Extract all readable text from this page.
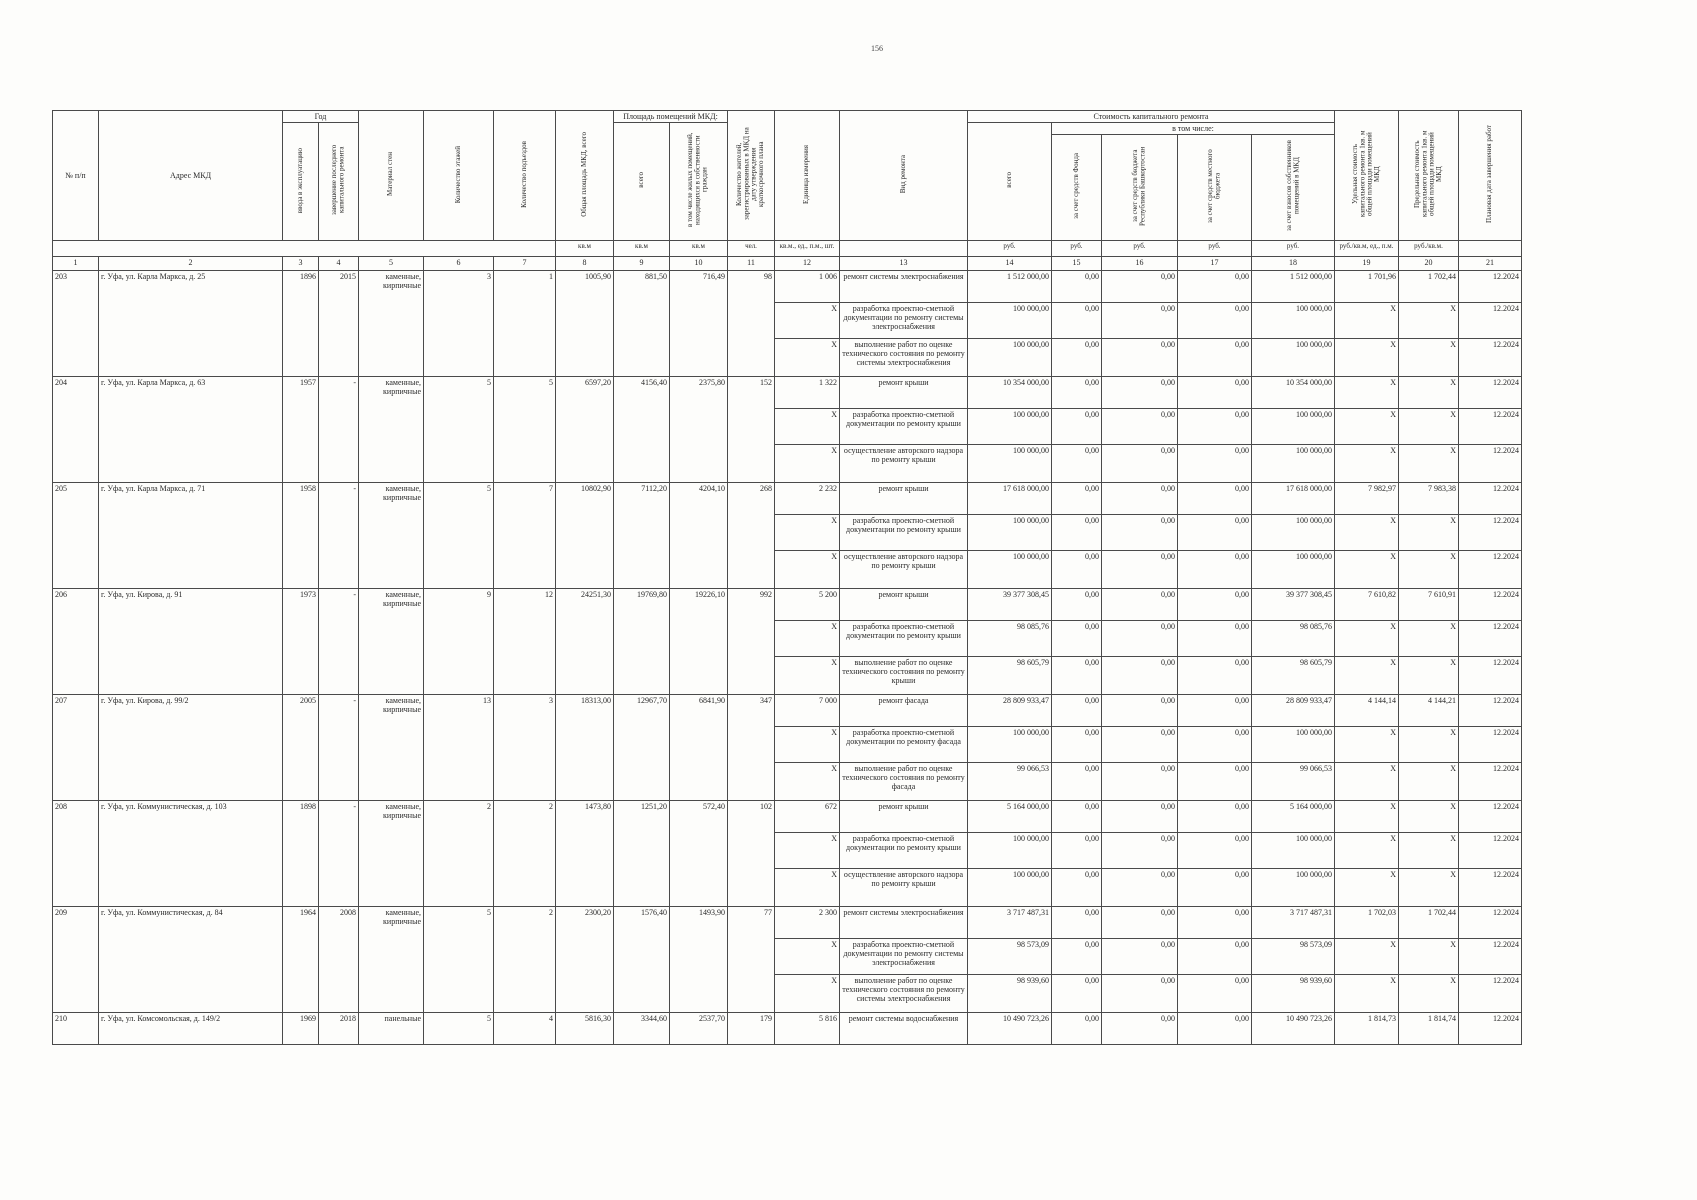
156
№ п/п	Адрес МКД	Год		Материал стен	Количество этажей	Количество подъездов	Общая площадь МКД, всего	Площадь помещений МКД:		Количество жителей, зарегистрированных в МКД на дату утверждения краткосрочного плана	Единица измерения	Вид ремонта	Стоимость капитального ремонта					Удельная стоимость капитального ремонта 1кв. м общей площади помещений МКД	Предельная стоимость капитального ремонта 1кв. м общей площади помещений МКД	Плановая дата завершения работ
		ввода в эксплуатацию	завершение последнего капитального ремонта					всего	в том числе жилых помещений, находящихся в собственности граждан				всего	в том числе:						
														за счет средств Фонда	за счет средств бюджета Республики Башкортостан	за счет средств местного бюджета	за счет взносов собственников помещений в МКД			
							кв.м	кв.м	кв.м	чел.	кв.м., ед., п.м., шт.		руб.	руб.	руб.	руб.	руб.	руб./кв.м, ед., п.м.	руб./кв.м.	
1	2	3	4	5	6	7	8	9	10	11	12	13	14	15	16	17	18	19	20	21
203	г. Уфа, ул. Карла Маркса, д. 25	1896	2015	каменные, кирпичные	3	1	1005,90	881,50	716,49	98	1 006	ремонт системы электроснабжения	1 512 000,00	0,00	0,00	0,00	1 512 000,00	1 701,96	1 702,44	12.2024
											X	разработка проектно-сметной документации по ремонту системы электроснабжения	100 000,00	0,00	0,00	0,00	100 000,00	X	X	12.2024
											X	выполнение работ по оценке технического состояния по ремонту системы электроснабжения	100 000,00	0,00	0,00	0,00	100 000,00	X	X	12.2024
204	г. Уфа, ул. Карла Маркса, д. 63	1957	-	каменные, кирпичные	5	5	6597,20	4156,40	2375,80	152	1 322	ремонт крыши	10 354 000,00	0,00	0,00	0,00	10 354 000,00	X	X	12.2024
											X	разработка проектно-сметной документации по ремонту крыши	100 000,00	0,00	0,00	0,00	100 000,00	X	X	12.2024
											X	осуществление авторского надзора по ремонту крыши	100 000,00	0,00	0,00	0,00	100 000,00	X	X	12.2024
205	г. Уфа, ул. Карла Маркса, д. 71	1958	-	каменные, кирпичные	5	7	10802,90	7112,20	4204,10	268	2 232	ремонт крыши	17 618 000,00	0,00	0,00	0,00	17 618 000,00	7 982,97	7 983,38	12.2024
											X	разработка проектно-сметной документации по ремонту крыши	100 000,00	0,00	0,00	0,00	100 000,00	X	X	12.2024
											X	осуществление авторского надзора по ремонту крыши	100 000,00	0,00	0,00	0,00	100 000,00	X	X	12.2024
206	г. Уфа, ул. Кирова, д. 91	1973	-	каменные, кирпичные	9	12	24251,30	19769,80	19226,10	992	5 200	ремонт крыши	39 377 308,45	0,00	0,00	0,00	39 377 308,45	7 610,82	7 610,91	12.2024
											X	разработка проектно-сметной документации по ремонту крыши	98 085,76	0,00	0,00	0,00	98 085,76	X	X	12.2024
											X	выполнение работ по оценке технического состояния по ремонту крыши	98 605,79	0,00	0,00	0,00	98 605,79	X	X	12.2024
207	г. Уфа, ул. Кирова, д. 99/2	2005	-	каменные, кирпичные	13	3	18313,00	12967,70	6841,90	347	7 000	ремонт фасада	28 809 933,47	0,00	0,00	0,00	28 809 933,47	4 144,14	4 144,21	12.2024
											X	разработка проектно-сметной документации по ремонту фасада	100 000,00	0,00	0,00	0,00	100 000,00	X	X	12.2024
											X	выполнение работ по оценке технического состояния по ремонту фасада	99 066,53	0,00	0,00	0,00	99 066,53	X	X	12.2024
208	г. Уфа, ул. Коммунистическая, д. 103	1898	-	каменные, кирпичные	2	2	1473,80	1251,20	572,40	102	672	ремонт крыши	5 164 000,00	0,00	0,00	0,00	5 164 000,00	X	X	12.2024
											X	разработка проектно-сметной документации по ремонту крыши	100 000,00	0,00	0,00	0,00	100 000,00	X	X	12.2024
											X	осуществление авторского надзора по ремонту крыши	100 000,00	0,00	0,00	0,00	100 000,00	X	X	12.2024
209	г. Уфа, ул. Коммунистическая, д. 84	1964	2008	каменные, кирпичные	5	2	2300,20	1576,40	1493,90	77	2 300	ремонт системы электроснабжения	3 717 487,31	0,00	0,00	0,00	3 717 487,31	1 702,03	1 702,44	12.2024
											X	разработка проектно-сметной документации по ремонту системы электроснабжения	98 573,09	0,00	0,00	0,00	98 573,09	X	X	12.2024
											X	выполнение работ по оценке технического состояния по ремонту системы электроснабжения	98 939,60	0,00	0,00	0,00	98 939,60	X	X	12.2024
210	г. Уфа, ул. Комсомольская, д. 149/2	1969	2018	панельные	5	4	5816,30	3344,60	2537,70	179	5 816	ремонт системы водоснабжения	10 490 723,26	0,00	0,00	0,00	10 490 723,26	1 814,73	1 814,74	12.2024
